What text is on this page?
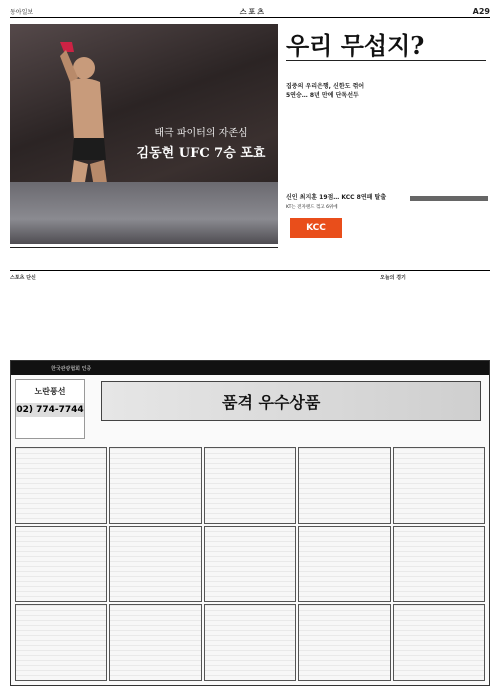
동아일보	스포츠	A29
태극 파이터의 자존심
김동현 UFC 7승 포효
우리 무섭지?
집중의 우리은행, 신한도 꺾어 5연승… 8년 만에 단독선두
신인 최지훈 19점… KCC 8연패 탈출
KT는 전자랜드 꺾고 6위에
KCC

스포츠 단신	오늘의 경기
한국관광협회 인증
노란풍선
02) 774-7744	품격 우수상품
